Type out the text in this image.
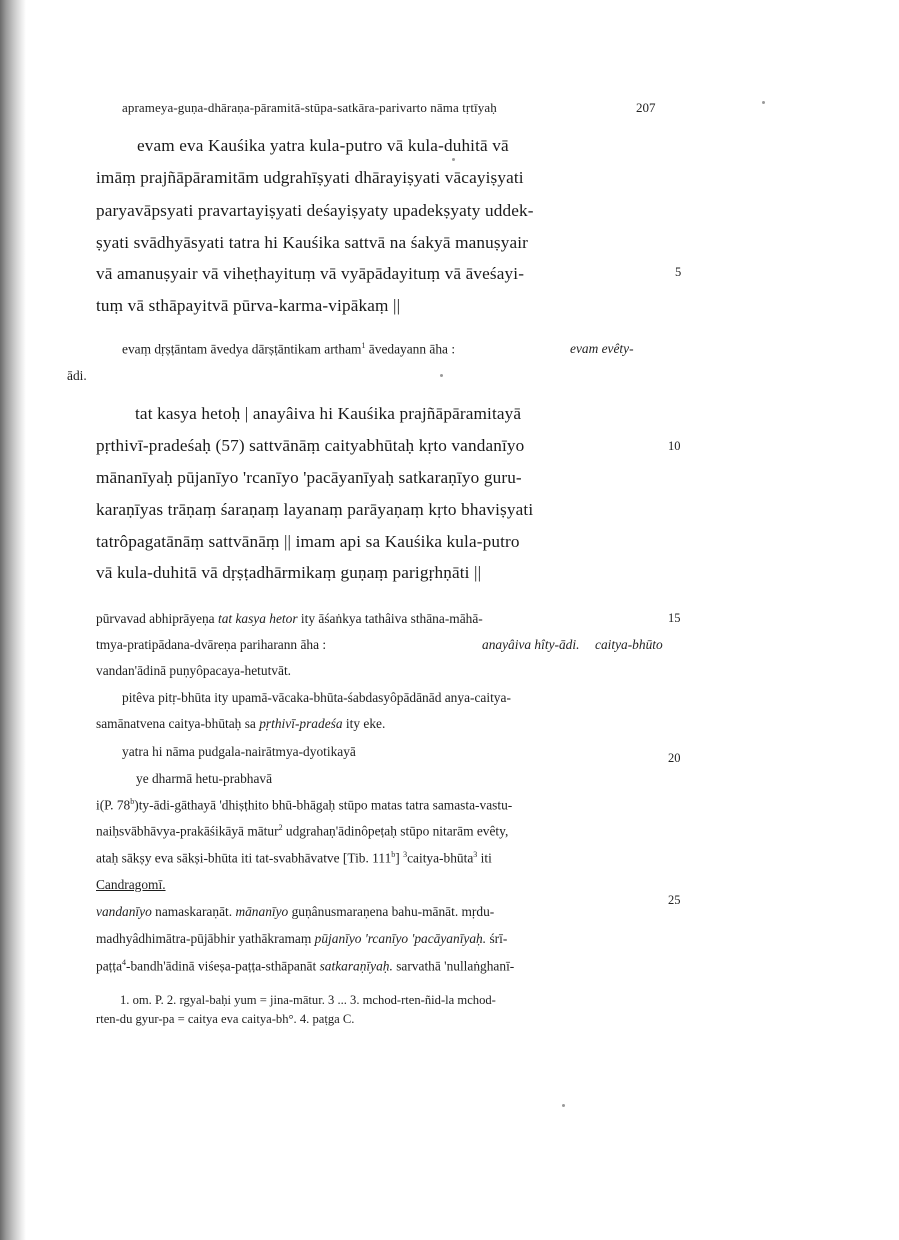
aprameya-guṇa-dhāraṇa-pāramitā-stūpa-satkāra-parivarto nāma tṛtīyaḥ	207
evam eva Kauśika yatra kula-putro vā kula-duhitā vā
imāṃ prajñāpāramitām udgrahīṣyati dhārayiṣyati vācayiṣyati
paryavāpsyati pravartayiṣyati deśayiṣyaty upadekṣyaty uddek-
ṣyati svādhyāsyati tatra hi Kauśika sattvā na śakyā manuṣyair
vā amanuṣyair vā viheṭhayituṃ vā vyāpādayituṃ vā āveśayi-
tuṃ vā sthāpayitvā pūrva-karma-vipākaṃ ||
evaṃ dṛṣṭāntam āvedya dārṣṭāntikam artham$^1$ āvedayann āha :	evam evêty-
ādi.
tat kasya hetoḥ | anayâiva hi Kauśika prajñāpāramitayā
pṛthivī-pradeśaḥ (57) sattvānāṃ caityabhūtaḥ kṛto vandanīyo
mānanīyaḥ pūjanīyo 'rcanīyo 'pacāyanīyaḥ satkaraṇīyo guru-
karaṇīyas trāṇaṃ śaraṇaṃ layanaṃ parāyaṇaṃ kṛto bhaviṣyati
tatrôpagatānāṃ sattvānāṃ || imam api sa Kauśika kula-putro
vā kula-duhitā vā dṛṣṭadhārmikaṃ guṇaṃ parigṛhṇāti ||
pūrvavad abhiprāyeṇa tat kasya hetor ity āśaṅkya tathâiva sthāna-māhā-
tmya-pratipādana-dvāreṇa pariharann āha :	anayâiva hîty-ādi. caitya-bhūto
vandan'ādinā puṇyôpacaya-hetutvāt.
pitêva pitṛ-bhūta ity upamā-vācaka-bhūta-śabdasyôpādānād anya-caitya-
samānatvena caitya-bhūtaḥ sa pṛthivī-pradeśa ity eke.
yatra hi nāma pudgala-nairātmya-dyotikayā
ye dharmā hetu-prabhavā
i(P. 78$^b$)ty-ādi-gāthayā 'dhiṣṭhito bhū-bhāgaḥ stūpo matas tatra samasta-vastu-
naiḥsvābhāvya-prakāśikāyā mātur$^2$ udgrahaṇ'ādinôpeṭaḥ stūpo nitarām evêty,
ataḥ sākṣy eva sākṣi-bhūta iti tat-svabhāvatve [Tib. 111$^b$] $^3$caitya-bhūta$^3$ iti
Candragomī.
vandanīyo namaskaraṇāt. mānanīyo guṇânusmaraṇena bahu-mānāt. mṛdu-
madhyâdhimātra-pūjābhir yathākramaṃ pūjanīyo 'rcanīyo 'pacāyanīyaḥ. śrī-
paṭṭa$^4$-bandh'ādinā viśeṣa-paṭṭa-sthāpanāt satkaraṇīyaḥ. sarvathā 'nullaṅghanī-
1. om. P. 2. rgyal-baḥi yum = jina-mātur. 3 ... 3. mchod-rten-ñid-la mchod-
rten-du gyur-pa = caitya eva caitya-bh°. 4. paṭga C.
5
10
15
20
25
